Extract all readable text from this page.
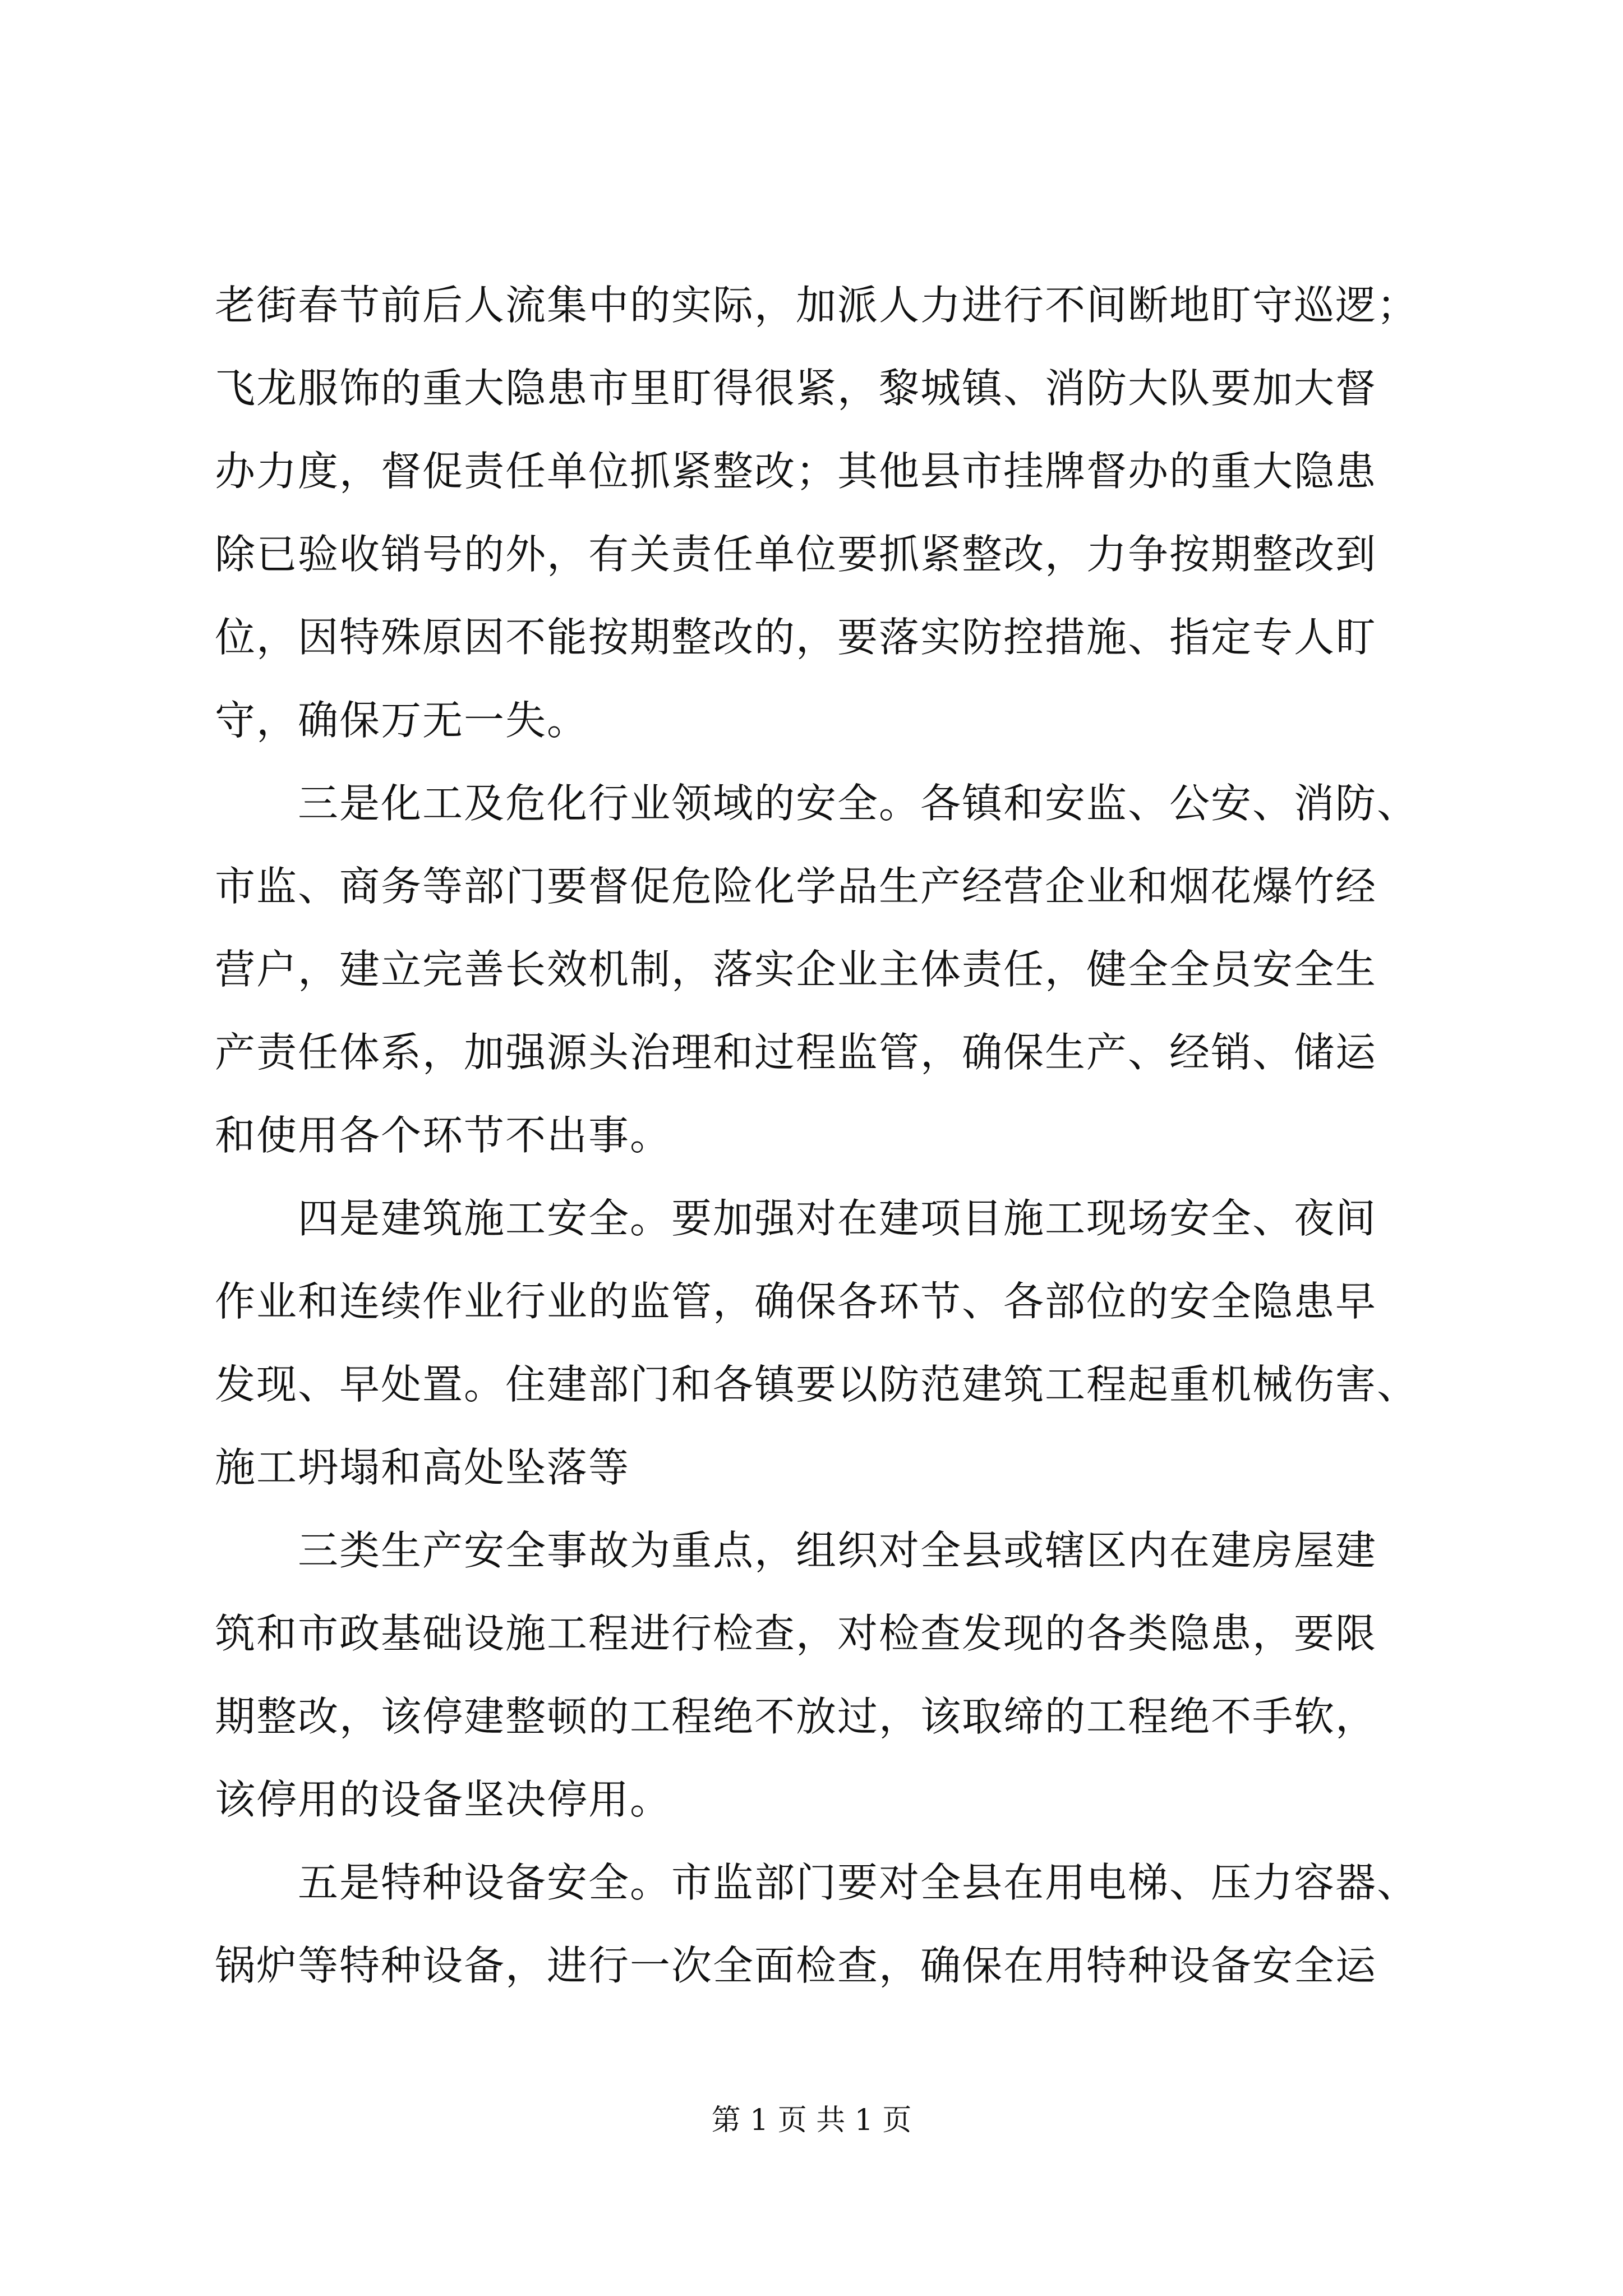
老街春节前后人流集中的实际，加派人力进行不间断地盯守巡逻；
飞龙服饰的重大隐患市里盯得很紧，黎城镇、消防大队要加大督
办力度，督促责任单位抓紧整改；其他县市挂牌督办的重大隐患
除已验收销号的外，有关责任单位要抓紧整改，力争按期整改到
位，因特殊原因不能按期整改的，要落实防控措施、指定专人盯
守，确保万无一失。
　　三是化工及危化行业领域的安全。各镇和安监、公安、消防、
市监、商务等部门要督促危险化学品生产经营企业和烟花爆竹经
营户，建立完善长效机制，落实企业主体责任，健全全员安全生
产责任体系，加强源头治理和过程监管，确保生产、经销、储运
和使用各个环节不出事。
　　四是建筑施工安全。要加强对在建项目施工现场安全、夜间
作业和连续作业行业的监管，确保各环节、各部位的安全隐患早
发现、早处置。住建部门和各镇要以防范建筑工程起重机械伤害、
施工坍塌和高处坠落等
　　三类生产安全事故为重点，组织对全县或辖区内在建房屋建
筑和市政基础设施工程进行检查，对检查发现的各类隐患，要限
期整改，该停建整顿的工程绝不放过，该取缔的工程绝不手软，
该停用的设备坚决停用。
　　五是特种设备安全。市监部门要对全县在用电梯、压力容器、
锅炉等特种设备，进行一次全面检查，确保在用特种设备安全运
第 1 页 共 1 页
